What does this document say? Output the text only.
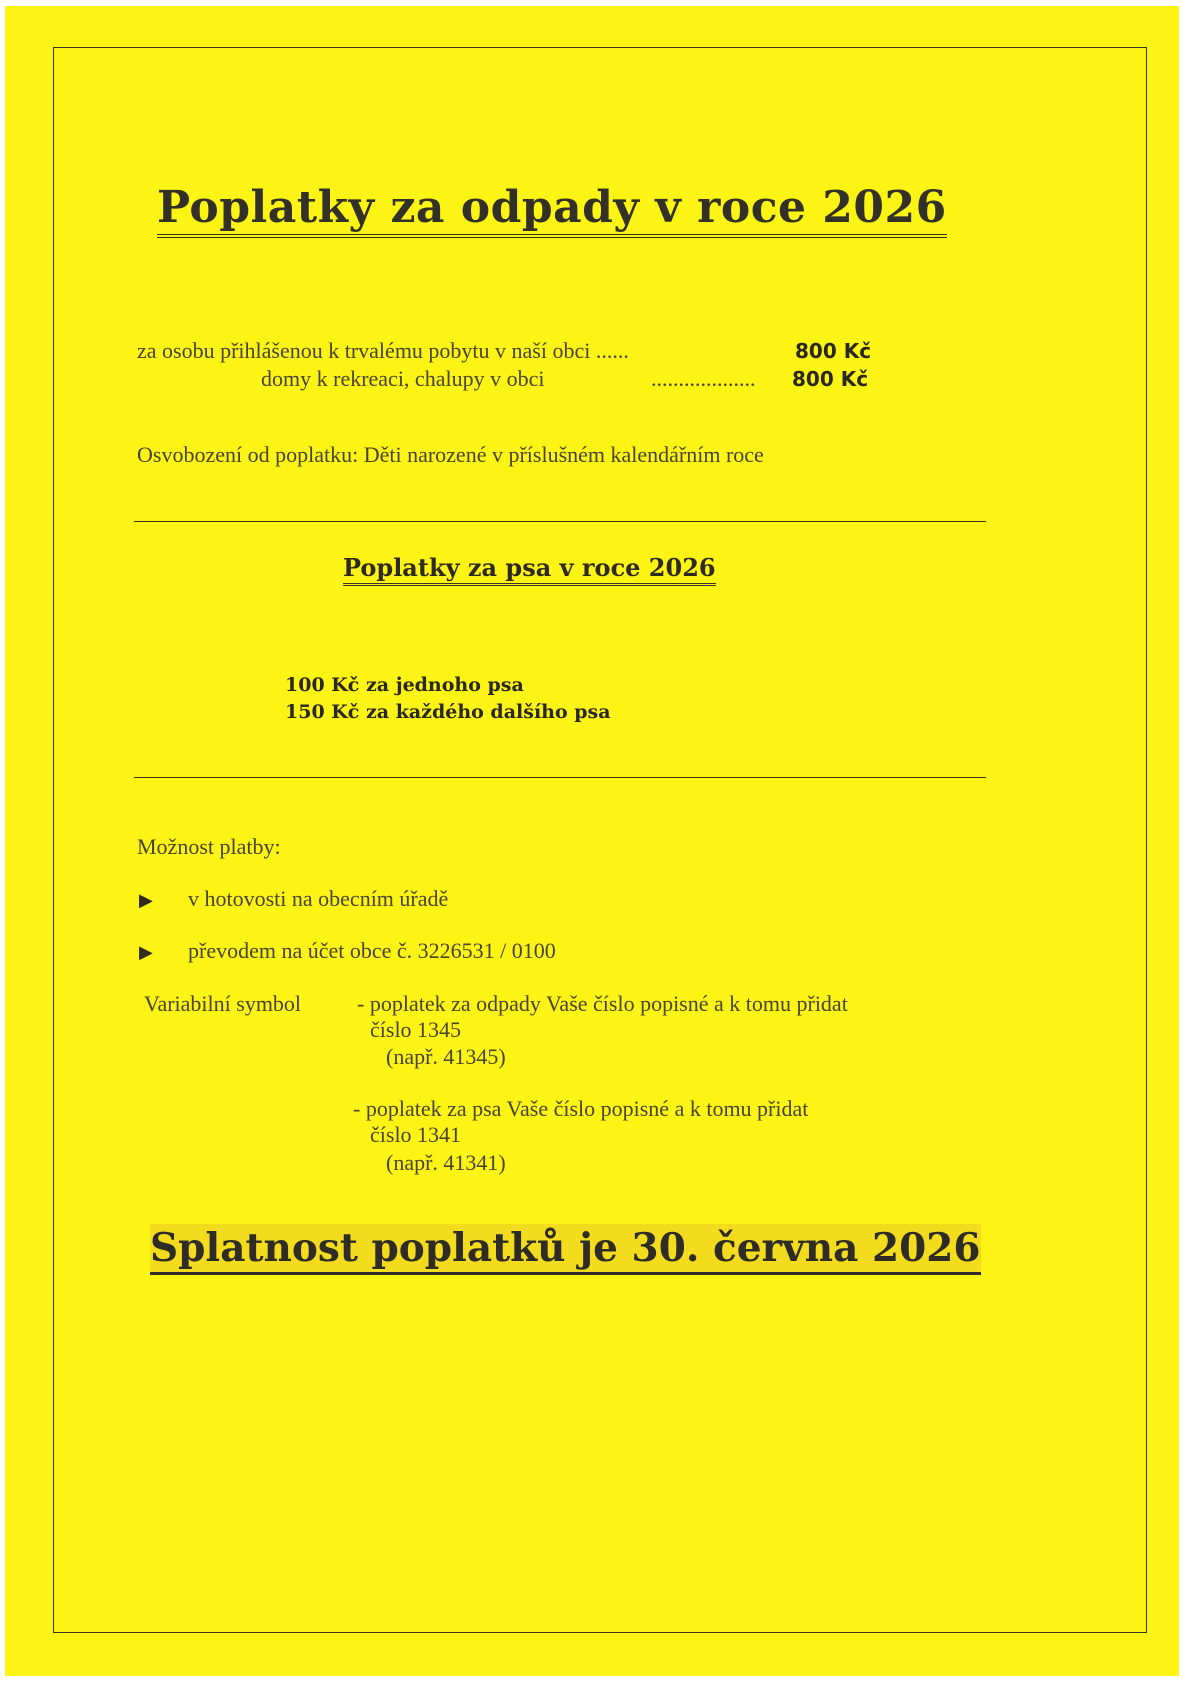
Poplatky za odpady v roce 2026
za osobu přihlášenou k trvalému pobytu v naší obci ......	800 Kč
domy k rekreaci, chalupy v obci	................... 800 Kč
Osvobození od poplatku: Děti narozené v příslušném kalendářním roce
Poplatky za psa v roce 2026
100 Kč za jednoho psa
150 Kč za každého dalšího psa
Možnost platby:
▶ v hotovosti na obecním úřadě
▶ převodem na účet obce č. 3226531 / 0100
Variabilní symbol	- poplatek za odpady Vaše číslo popisné a k tomu přidat
číslo 1345
(např. 41345)
- poplatek za psa Vaše číslo popisné a k tomu přidat
číslo 1341
(např. 41341)
Splatnost poplatků je 30. června 2026
